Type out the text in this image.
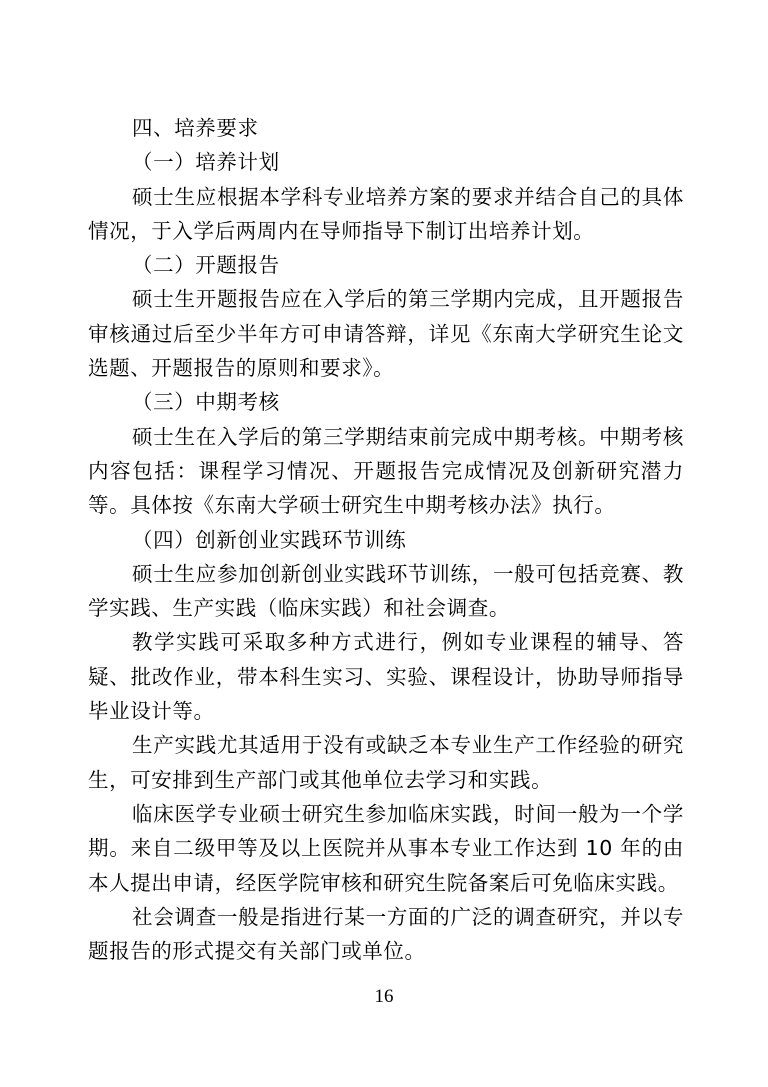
四、培养要求

（一）培养计划

硕士生应根据本学科专业培养方案的要求并结合自己的具体情况，于入学后两周内在导师指导下制订出培养计划。

（二）开题报告

硕士生开题报告应在入学后的第三学期内完成，且开题报告审核通过后至少半年方可申请答辩，详见《东南大学研究生论文选题、开题报告的原则和要求》。

（三）中期考核

硕士生在入学后的第三学期结束前完成中期考核。中期考核内容包括：课程学习情况、开题报告完成情况及创新研究潜力等。具体按《东南大学硕士研究生中期考核办法》执行。

（四）创新创业实践环节训练

硕士生应参加创新创业实践环节训练，一般可包括竞赛、教学实践、生产实践（临床实践）和社会调查。

教学实践可采取多种方式进行，例如专业课程的辅导、答疑、批改作业，带本科生实习、实验、课程设计，协助导师指导毕业设计等。

生产实践尤其适用于没有或缺乏本专业生产工作经验的研究生，可安排到生产部门或其他单位去学习和实践。

临床医学专业硕士研究生参加临床实践，时间一般为一个学期。来自二级甲等及以上医院并从事本专业工作达到 10 年的由本人提出申请，经医学院审核和研究生院备案后可免临床实践。

社会调查一般是指进行某一方面的广泛的调查研究，并以专题报告的形式提交有关部门或单位。

16
